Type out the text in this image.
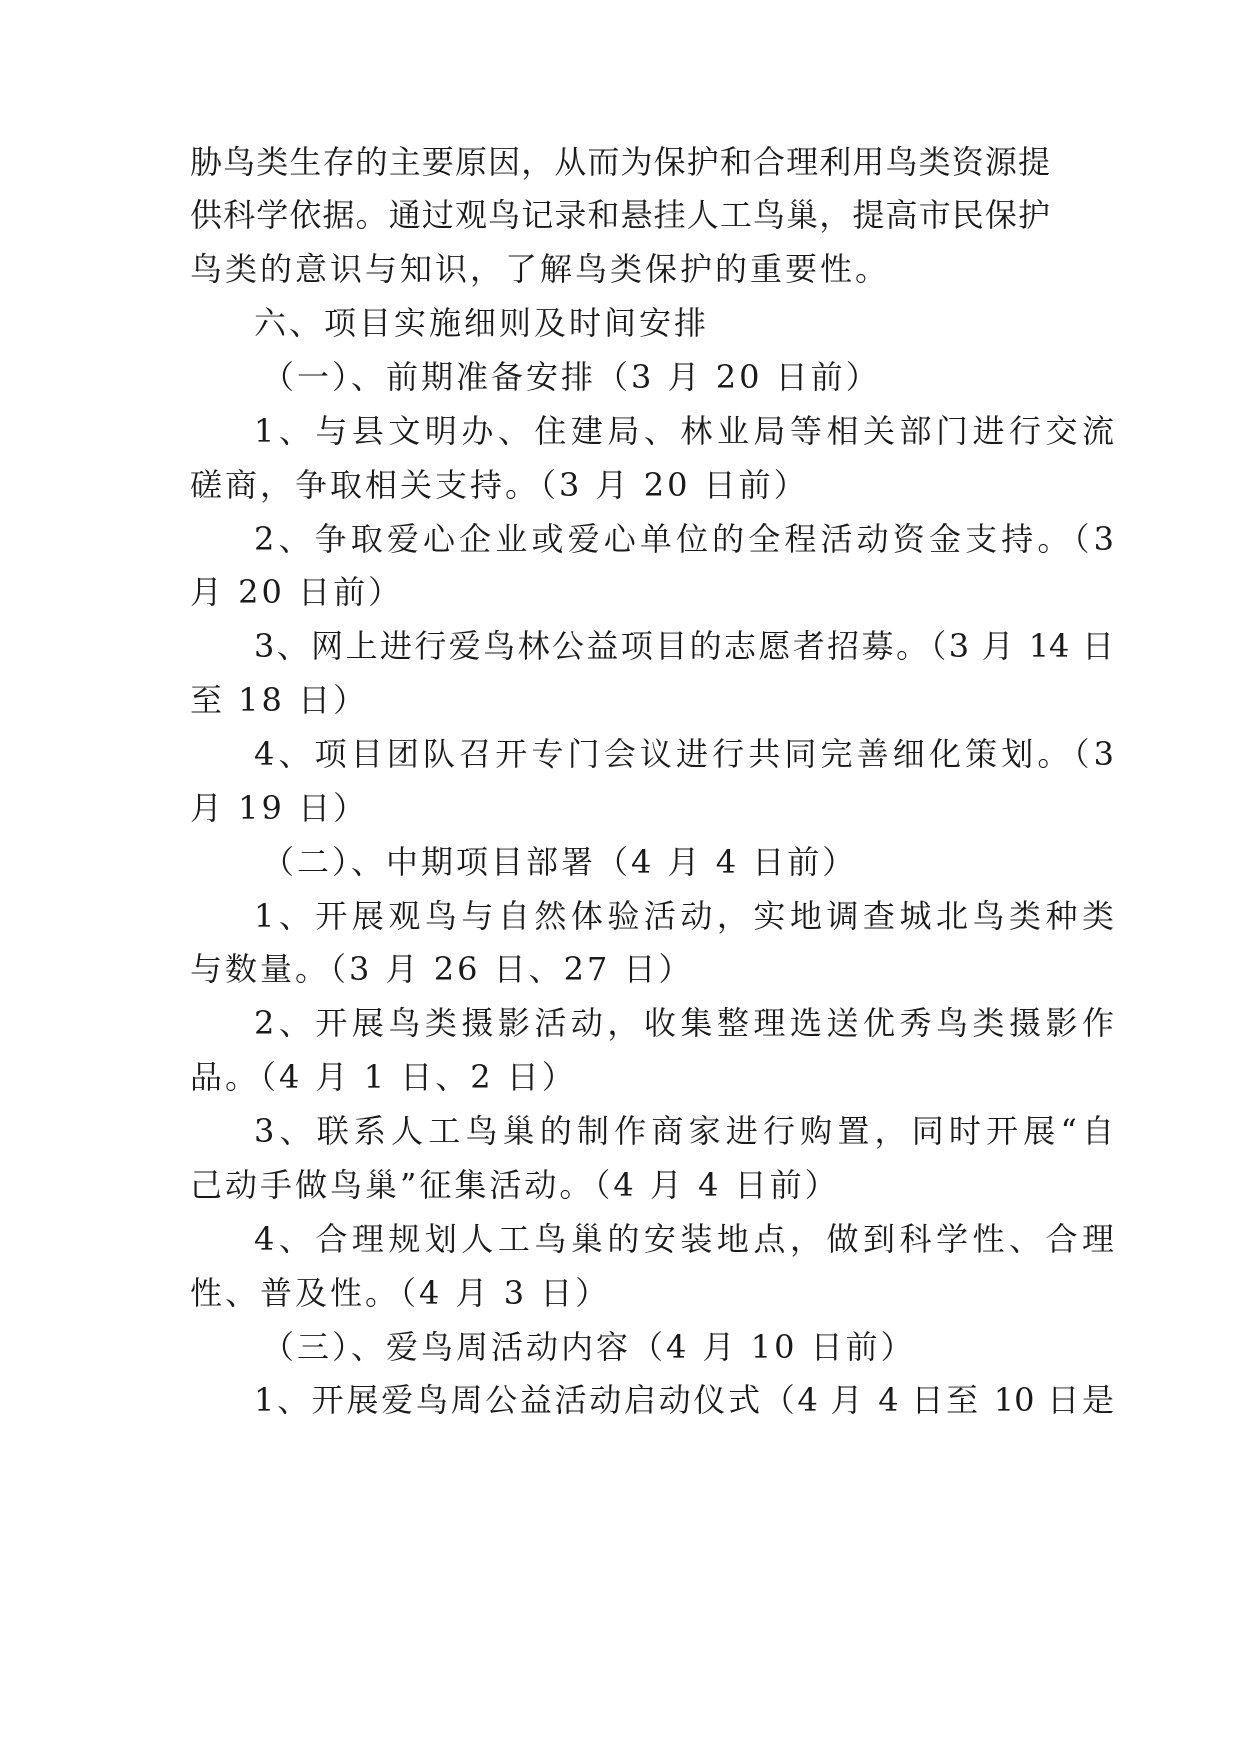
胁鸟类生存的主要原因，从而为保护和合理利用鸟类资源提
供科学依据。通过观鸟记录和悬挂人工鸟巢，提高市民保护
鸟类的意识与知识，了解鸟类保护的重要性。
六、项目实施细则及时间安排
（一）、前期准备安排（3 月 20 日前）
1、与县文明办、住建局、林业局等相关部门进行交流
磋商，争取相关支持。（3 月 20 日前）
2、争取爱心企业或爱心单位的全程活动资金支持。（3
月 20 日前）
3、网上进行爱鸟林公益项目的志愿者招募。（3 月 14 日
至 18 日）
4、项目团队召开专门会议进行共同完善细化策划。（3
月 19 日）
（二）、中期项目部署（4 月 4 日前）
1、开展观鸟与自然体验活动，实地调查城北鸟类种类
与数量。（3 月 26 日、27 日）
2、开展鸟类摄影活动，收集整理选送优秀鸟类摄影作
品。（4 月 1 日、2 日）
3、联系人工鸟巢的制作商家进行购置，同时开展“自
己动手做鸟巢”征集活动。（4 月 4 日前）
4、合理规划人工鸟巢的安装地点，做到科学性、合理
性、普及性。（4 月 3 日）
（三）、爱鸟周活动内容（4 月 10 日前）
1、开展爱鸟周公益活动启动仪式（4 月 4 日至 10 日是
